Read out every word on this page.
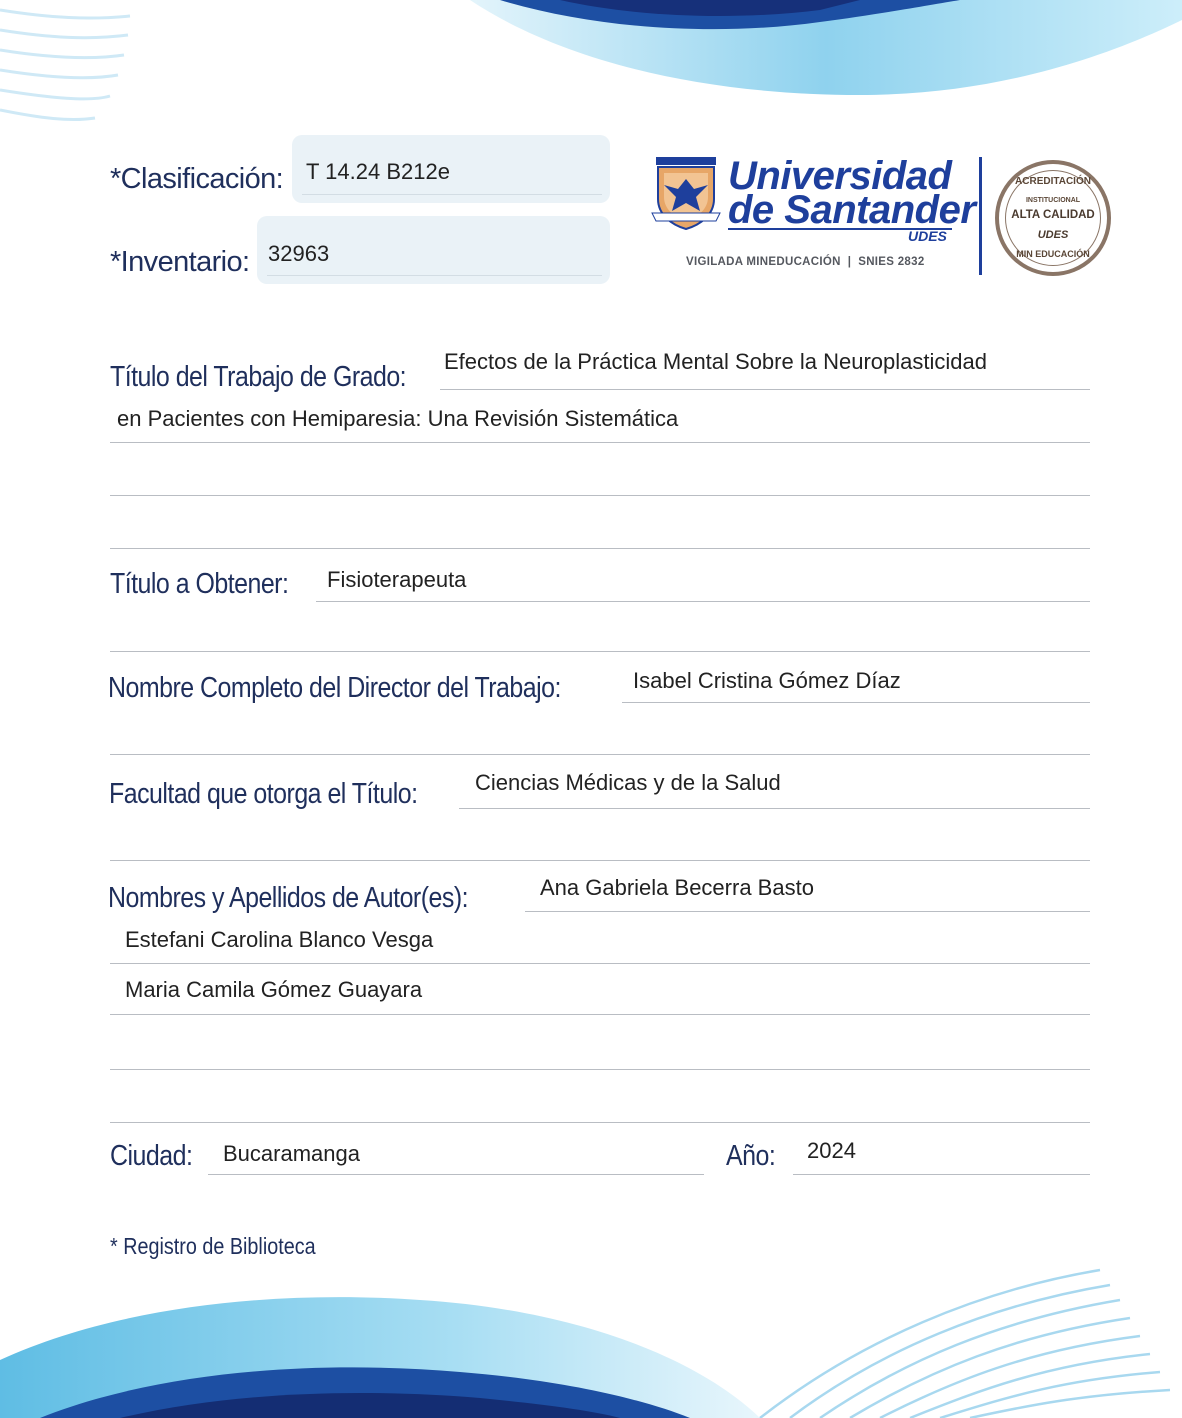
*Clasificación: T 14.24 B212e
*Inventario: 32963
Universidad
de Santander
UDES
VIGILADA MINEDUCACIÓN  |  SNIES 2832
ACREDITACIÓN
INSTITUCIONAL
ALTA CALIDAD
UDES
MIN EDUCACIÓN
Título del Trabajo de Grado: Efectos de la Práctica Mental Sobre la Neuroplasticidad
en Pacientes con Hemiparesia: Una Revisión Sistemática
Título a Obtener: Fisioterapeuta
Nombre Completo del Director del Trabajo:	Isabel Cristina Gómez Díaz
Facultad que otorga el Título:	Ciencias Médicas y de la Salud
Nombres y Apellidos de Autor(es):	Ana Gabriela Becerra Basto
Estefani Carolina Blanco Vesga
Maria Camila Gómez Guayara
Ciudad: Bucaramanga	Año: 2024
* Registro de Biblioteca
